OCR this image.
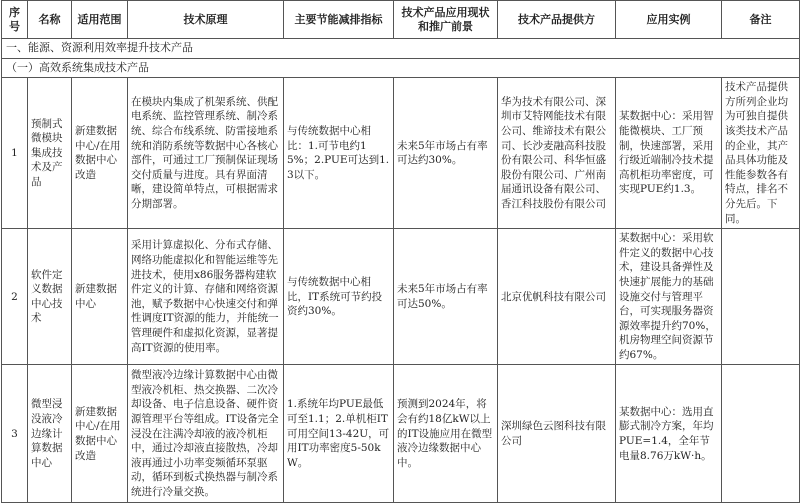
序号	名称	适用范围	技术原理	主要节能减排指标	技术产品应用现状和推广前景	技术产品提供方	应用实例	备注
一、能源、资源利用效率提升技术产品								
（一）高效系统集成技术产品								
1	预制式微模块集成技术及产品	新建数据中心/在用数据中心改造	在模块内集成了机架系统、供配电系统、监控管理系统、制冷系统、综合布线系统、防雷接地系统和消防系统等数据中心各核心部件，可通过工厂预制保证现场交付质量与进度。具有界面清晰，建设简单特点，可根据需求分期部署。	与传统数据中心相比：1.可节电约15%；2.PUE可达到1.3以下。	未来5年市场占有率可达约30%。	华为技术有限公司、深圳市艾特网能技术有限公司、维谛技术有限公司、长沙麦融高科技股份有限公司、科华恒盛股份有限公司、广州南届通讯设备有限公司、香江科技股份有限公司	某数据中心：采用智能微模块、工厂预制，快速部署，采用行级近端制冷技术提高机柜功率密度，可实现PUE约1.3。	技术产品提供方所列企业均为可独自提供该类技术产品的企业，其产品具体功能及性能参数各有特点，排名不分先后。下同。
2	软件定义数据中心技术	新建数据中心	采用计算虚拟化、分布式存储、网络功能虚拟化和智能运维等先进技术，使用x86服务器构建软件定义的计算、存储和网络资源池，赋予数据中心快速交付和弹性调度IT资源的能力，并能统一管理硬件和虚拟化资源，显著提高IT资源的使用率。	与传统数据中心相比，IT系统可节约投资约30%。	未来5年市场占有率可达50%。	北京优帆科技有限公司	某数据中心：采用软件定义的数据中心技术，建设具备弹性及快速扩展能力的基础设施交付与管理平台，可实现服务器资源效率提升约70%，机房物理空间资源节约67%。	
3	微型浸没液冷边缘计算数据中心	新建数据中心/在用数据中心改造	微型液冷边缘计算数据中心由微型液冷机柜、热交换器、二次冷却设备、电子信息设备、硬件资源管理平台等组成。IT设备完全浸没在注满冷却液的液冷机柜中，通过冷却液直接散热，冷却液再通过小功率变频循环泵驱动，循环到板式换热器与制冷系统进行冷量交换。	1.系统年均PUE最低可至1.1；2.单机柜IT可用空间13-42U，可用IT功率密度5-50kW。	预测到2024年，将会有约18亿kW以上的IT设施应用在微型液冷边缘数据中心中。	深圳绿色云图科技有限公司	某数据中心：选用直膨式制冷方案，年均PUE=1.4，全年节电量8.76万kW·h。	
